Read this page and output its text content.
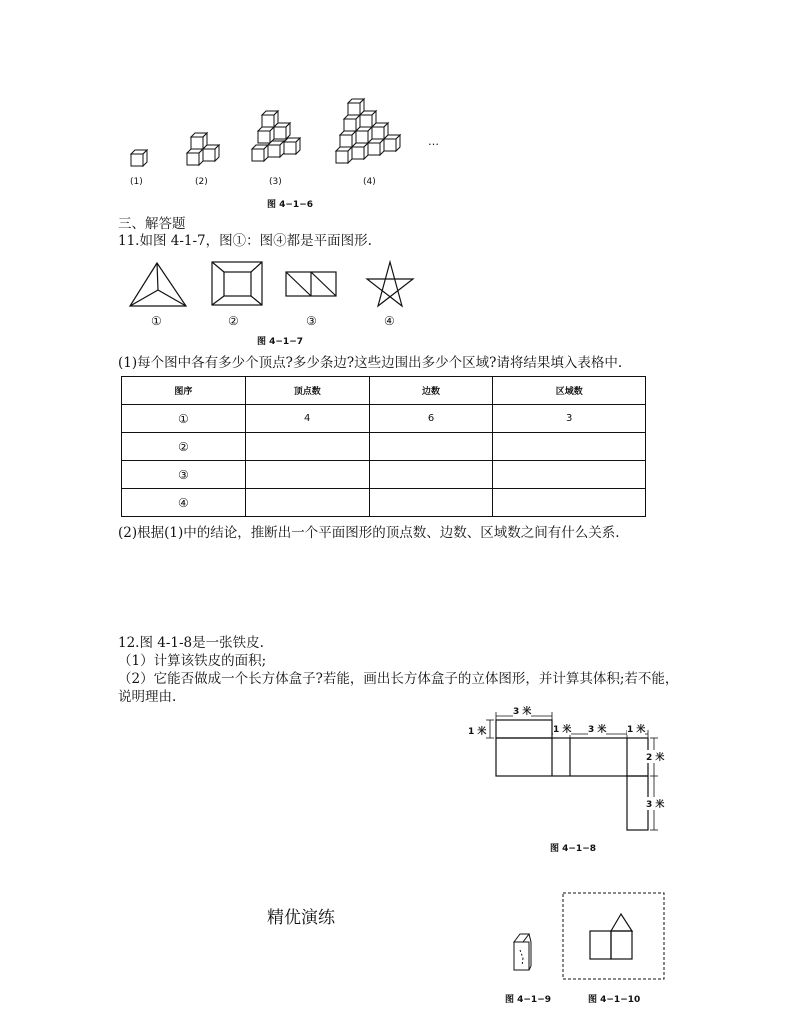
(1)	(2)	(3)	(4)
…
图 4−1−6
三、解答题
11.如图 4-1-7，图①：图④都是平面图形.
①	②	③	④
图 4−1−7
(1)每个图中各有多少个顶点?多少条边?这些边围出多少个区域?请将结果填入表格中.
图序	顶点数	边数	区域数
①	4	6	3
②			
③			
④			
(2)根据(1)中的结论，推断出一个平面图形的顶点数、边数、区域数之间有什么关系.
12.图 4-1-8是一张铁皮.
（1）计算该铁皮的面积;
（2）它能否做成一个长方体盒子?若能，画出长方体盒子的立体图形，并计算其体积;若不能，
说明理由.
3 米
1 米	1 米 3 米 1 米
2 米
3 米
图 4−1−8
精优演练
图 4−1−9	图 4−1−10
